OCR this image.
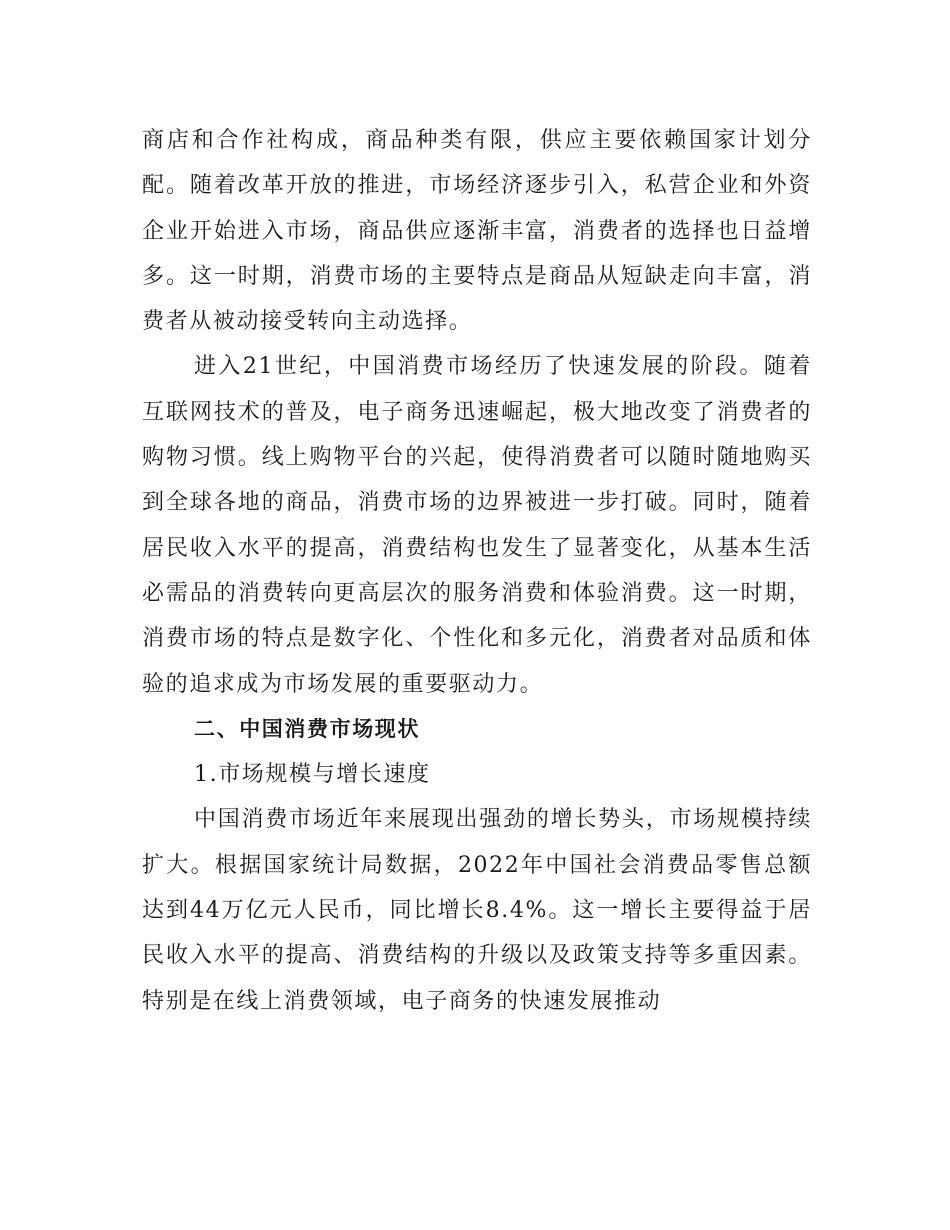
商店和合作社构成，商品种类有限，供应主要依赖国家计划分配。随着改革开放的推进，市场经济逐步引入，私营企业和外资企业开始进入市场，商品供应逐渐丰富，消费者的选择也日益增多。这一时期，消费市场的主要特点是商品从短缺走向丰富，消费者从被动接受转向主动选择。

进入21世纪，中国消费市场经历了快速发展的阶段。随着互联网技术的普及，电子商务迅速崛起，极大地改变了消费者的购物习惯。线上购物平台的兴起，使得消费者可以随时随地购买到全球各地的商品，消费市场的边界被进一步打破。同时，随着居民收入水平的提高，消费结构也发生了显著变化，从基本生活必需品的消费转向更高层次的服务消费和体验消费。这一时期，消费市场的特点是数字化、个性化和多元化，消费者对品质和体验的追求成为市场发展的重要驱动力。

二、中国消费市场现状

1.市场规模与增长速度

中国消费市场近年来展现出强劲的增长势头，市场规模持续扩大。根据国家统计局数据，2022年中国社会消费品零售总额达到44万亿元人民币，同比增长8.4%。这一增长主要得益于居民收入水平的提高、消费结构的升级以及政策支持等多重因素。特别是在线上消费领域，电子商务的快速发展推动
